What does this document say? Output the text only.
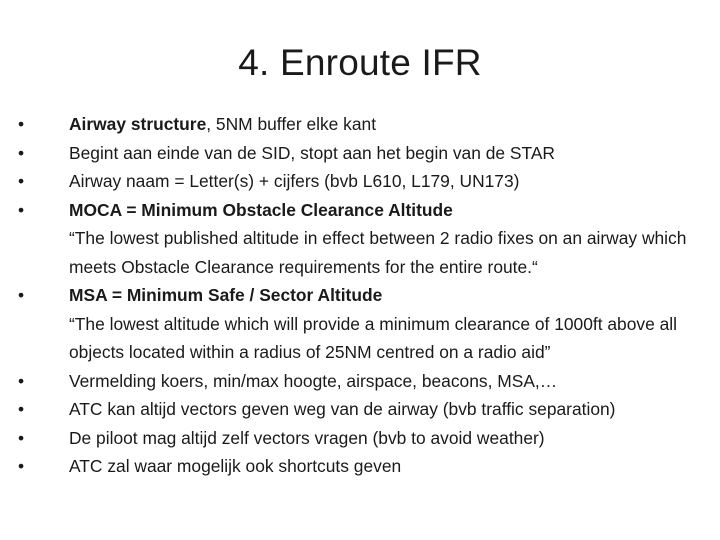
4. Enroute IFR
• Airway structure, 5NM buffer elke kant
• Begint aan einde van de SID, stopt aan het begin van de STAR
• Airway naam = Letter(s) + cijfers (bvb L610, L179, UN173)
• MOCA = Minimum Obstacle Clearance Altitude
“The lowest published altitude in effect between 2 radio fixes on an airway which meets Obstacle Clearance requirements for the entire route.“
• MSA = Minimum Safe / Sector Altitude
“The lowest altitude which will provide a minimum clearance of 1000ft above all objects located within a radius of 25NM centred on a radio aid”
• Vermelding koers, min/max hoogte, airspace, beacons, MSA,…
• ATC kan altijd vectors geven weg van de airway (bvb traffic separation)
• De piloot mag altijd zelf vectors vragen (bvb to avoid weather)
• ATC zal waar mogelijk ook shortcuts geven
